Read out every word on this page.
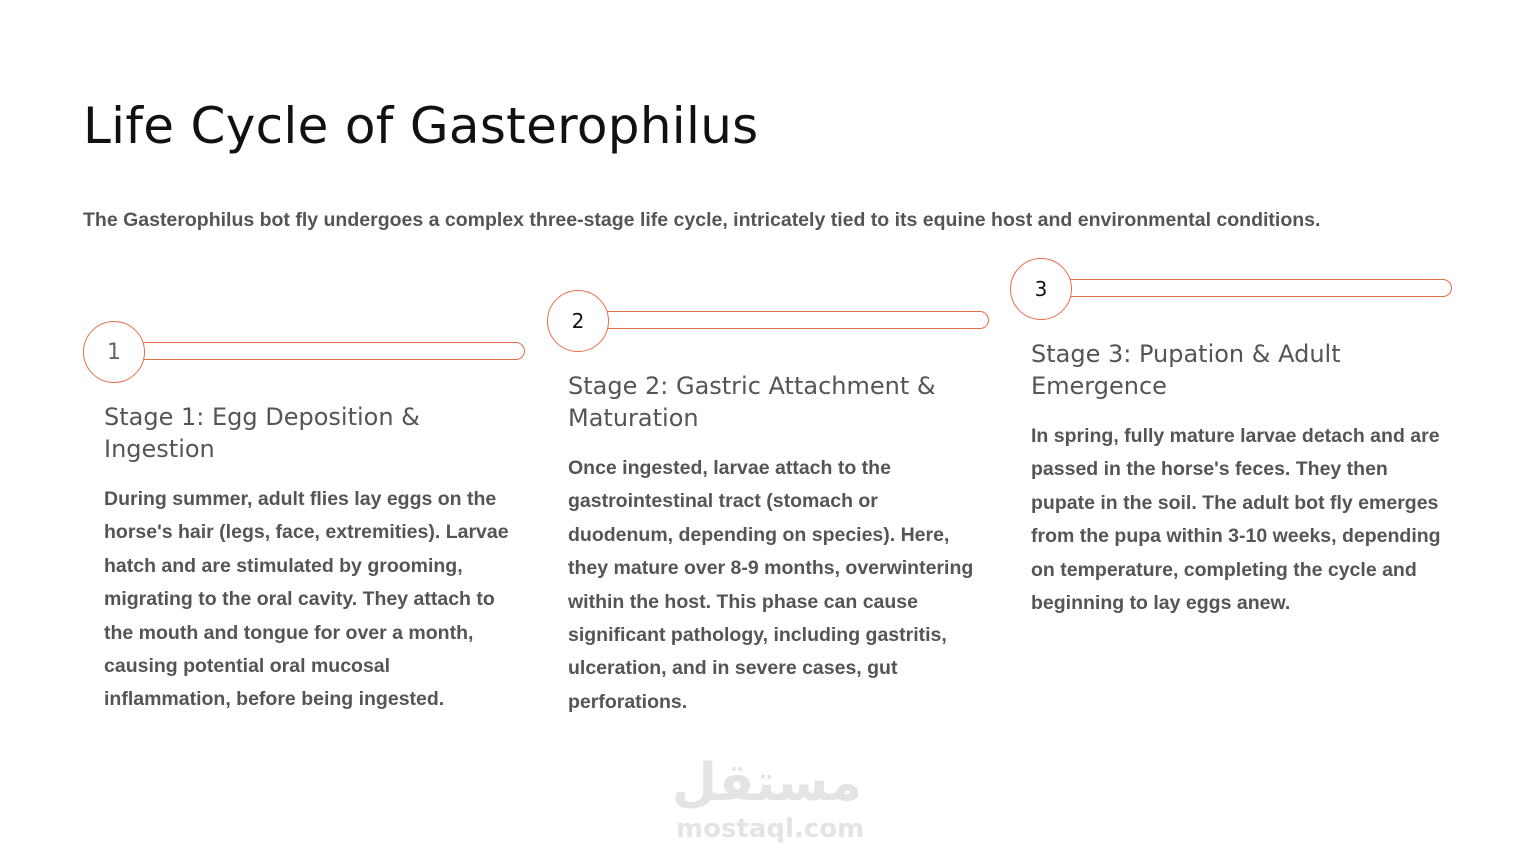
Life Cycle of Gasterophilus

The Gasterophilus bot fly undergoes a complex three-stage life cycle, intricately tied to its equine host and environmental conditions.

1
Stage 1: Egg Deposition & Ingestion

During summer, adult flies lay eggs on the horse's hair (legs, face, extremities). Larvae hatch and are stimulated by grooming, migrating to the oral cavity. They attach to the mouth and tongue for over a month, causing potential oral mucosal inflammation, before being ingested.

2
Stage 2: Gastric Attachment & Maturation

Once ingested, larvae attach to the gastrointestinal tract (stomach or duodenum, depending on species). Here, they mature over 8-9 months, overwintering within the host. This phase can cause significant pathology, including gastritis, ulceration, and in severe cases, gut perforations.

3
Stage 3: Pupation & Adult Emergence

In spring, fully mature larvae detach and are passed in the horse's feces. They then pupate in the soil. The adult bot fly emerges from the pupa within 3-10 weeks, depending on temperature, completing the cycle and beginning to lay eggs anew.

مستقل
mostaql.com
